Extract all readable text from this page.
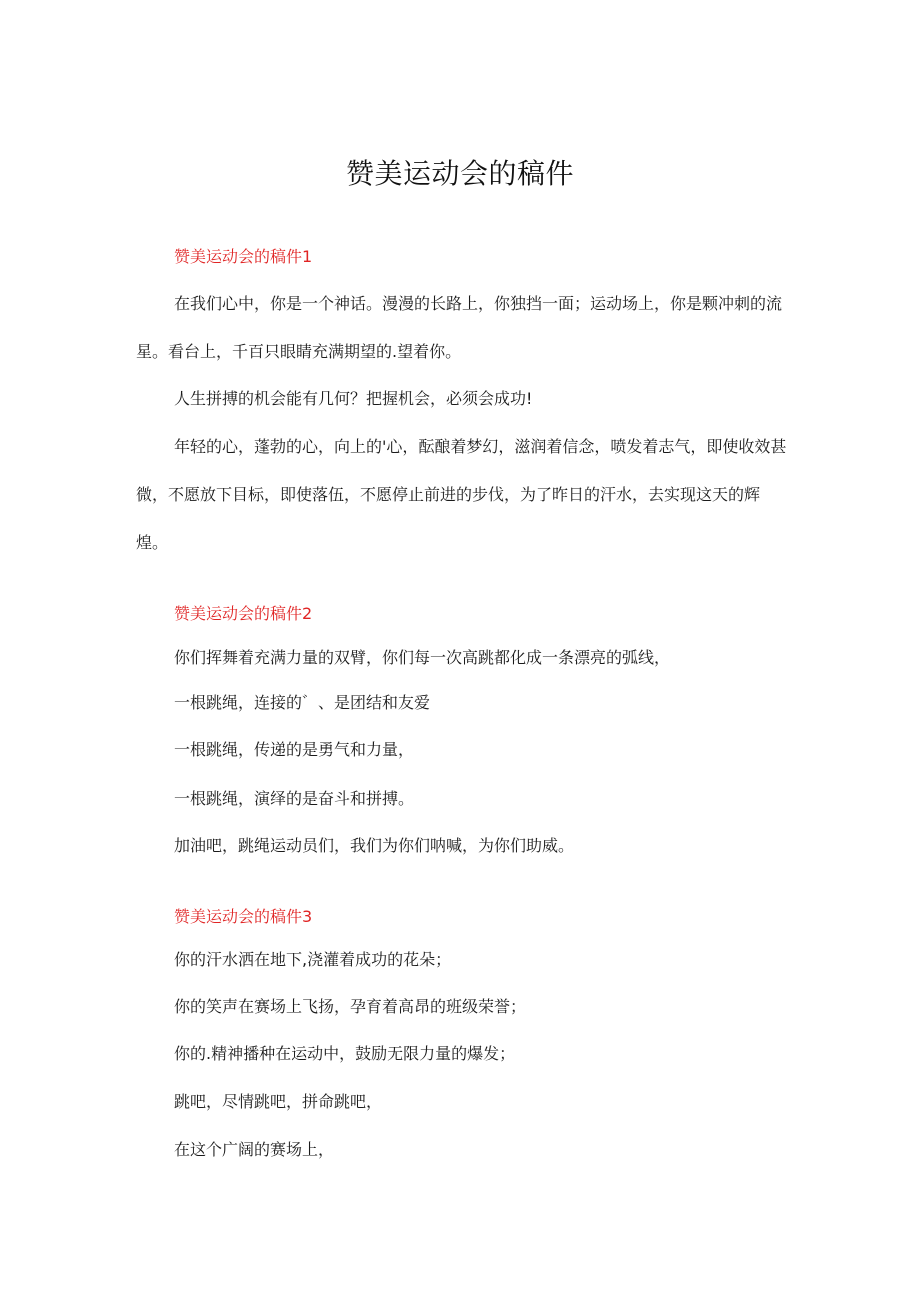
赞美运动会的稿件
赞美运动会的稿件1
在我们心中，你是一个神话。漫漫的长路上，你独挡一面；运动场上，你是颗冲刺的流星。看台上，千百只眼睛充满期望的.望着你。
人生拼搏的机会能有几何？把握机会，必须会成功!
年轻的心，蓬勃的心，向上的'心，酝酿着梦幻，滋润着信念，喷发着志气，即使收效甚微，不愿放下目标，即使落伍，不愿停止前进的步伐，为了昨日的汗水，去实现这天的辉煌。
赞美运动会的稿件2
你们挥舞着充满力量的双臂，你们每一次高跳都化成一条漂亮的弧线，
一根跳绳，连接的゛、是团结和友爱
一根跳绳，传递的是勇气和力量，
一根跳绳，演绎的是奋斗和拼搏。
加油吧，跳绳运动员们，我们为你们呐喊，为你们助威。
赞美运动会的稿件3
你的汗水洒在地下,浇灌着成功的花朵；
你的笑声在赛场上飞扬，孕育着高昂的班级荣誉；
你的.精神播种在运动中，鼓励无限力量的爆发；
跳吧，尽情跳吧，拼命跳吧，
在这个广阔的赛场上，
